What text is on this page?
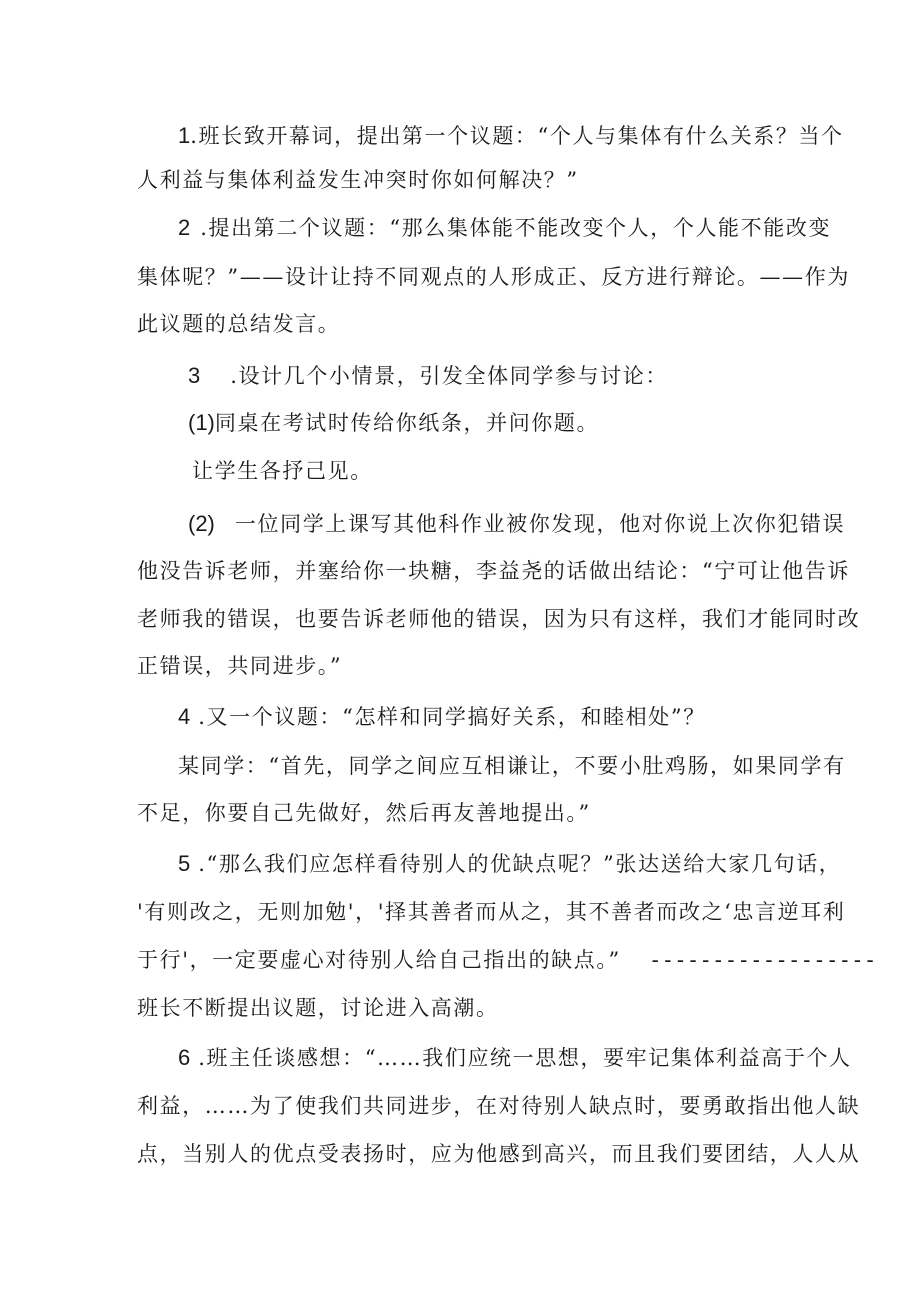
1.班长致开幕词，提出第一个议题：“个人与集体有什么关系？当个
人利益与集体利益发生冲突时你如何解决？”
2 .提出第二个议题：“那么集体能不能改变个人，个人能不能改变
集体呢？”——设计让持不同观点的人形成正、反方进行辩论。——作为
此议题的总结发言。
3 .设计几个小情景，引发全体同学参与讨论：
(1)同桌在考试时传给你纸条，并问你题。
让学生各抒己见。
(2) 一位同学上课写其他科作业被你发现，他对你说上次你犯错误
他没告诉老师，并塞给你一块糖，李益尧的话做出结论：“宁可让他告诉
老师我的错误，也要告诉老师他的错误，因为只有这样，我们才能同时改
正错误，共同进步。”
4 .又一个议题：“怎样和同学搞好关系，和睦相处”？
某同学：“首先，同学之间应互相谦让，不要小肚鸡肠，如果同学有
不足，你要自己先做好，然后再友善地提出。”
5 .“那么我们应怎样看待别人的优缺点呢？”张达送给大家几句话，
'有则改之，无则加勉'，'择其善者而从之，其不善者而改之‘忠言逆耳利
于行'，一定要虚心对待别人给自己指出的缺点。” ------------------
班长不断提出议题，讨论进入高潮。
6 .班主任谈感想：“……我们应统一思想，要牢记集体利益高于个人
利益，……为了使我们共同进步，在对待别人缺点时，要勇敢指出他人缺
点，当别人的优点受表扬时，应为他感到高兴，而且我们要团结，人人从
